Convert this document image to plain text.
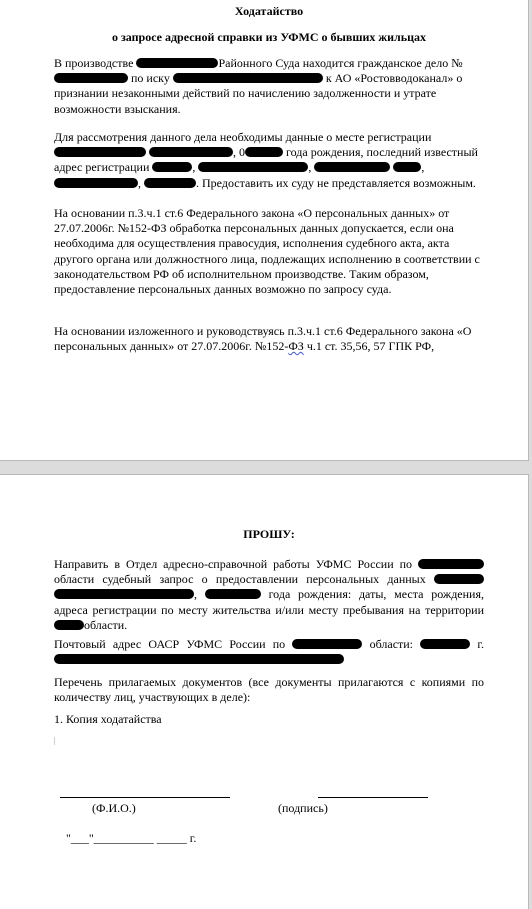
Ходатайство
о запросе адресной справки из УФМС о бывших жильцах

В производстве	Районного Суда находится гражданское дело № по иску	к АО «Ростовводоканал» о признании незаконными действий по начислению задолженности и утрате возможности взыскания.

Для рассмотрения данного дела необходимы данные о месте регистрации  , 0	года рождения, последний известный адрес регистрации	,	,	, ,	. Предоставить их суду не представляется возможным.

На основании п.3.ч.1 ст.6 Федерального закона «О персональных данных» от 27.07.2006г. №152-ФЗ обработка персональных данных допускается, если она необходима для осуществления правосудия, исполнения судебного акта, акта другого органа или должностного лица, подлежащих исполнению в соответствии с законодательством РФ об исполнительном производстве. Таким образом, предоставление персональных данных возможно по запросу суда.

На основании изложенного и руководствуясь п.3.ч.1 ст.6 Федерального закона «О персональных данных» от 27.07.2006г. №152-ФЗ ч.1 ст. 35,56, 57 ГПК РФ,

ПРОШУ:

Направить в Отдел адресно-справочной работы УФМС России по  области судебный запрос о предоставлении персональных данных  ,	года рождения: даты, места рождения, адреса регистрации по месту жительства и/или месту пребывания на территории области.

Почтовый адрес ОАСР УФМС России по	области:	г.

Перечень прилагаемых документов (все документы прилагаются с копиями по количеству лиц, участвующих в деле):

1. Копия ходатайства
(Ф.И.О.)	(подпись)
"___"__________ _____ г.
